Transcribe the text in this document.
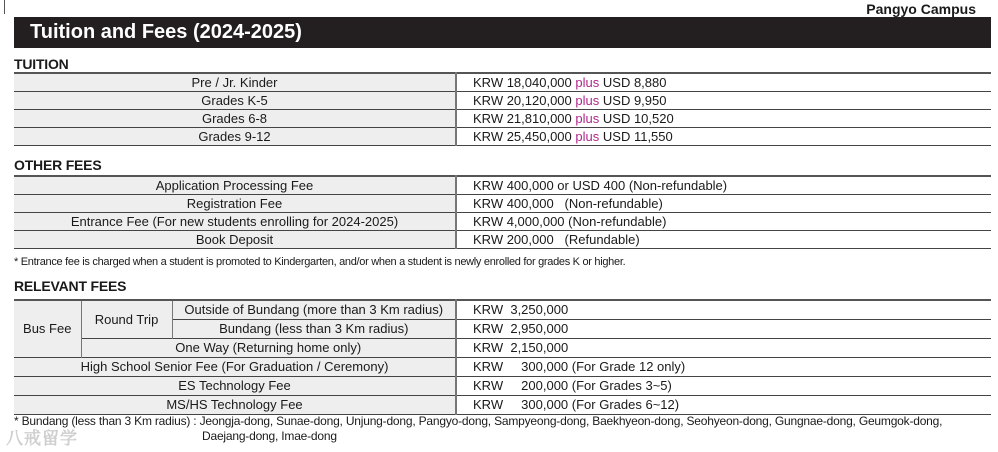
Pangyo Campus
Tuition and Fees (2024-2025)
TUITION
Pre / Jr. Kinder	KRW 18,040,000 plus USD 8,880
Grades K-5	KRW 20,120,000 plus USD 9,950
Grades 6-8	KRW 21,810,000 plus USD 10,520
Grades 9-12	KRW 25,450,000 plus USD 11,550
OTHER FEES
Application Processing Fee	KRW 400,000 or USD 400 (Non-refundable)
Registration Fee	KRW 400,000   (Non-refundable)
Entrance Fee (For new students enrolling for 2024-2025)	KRW 4,000,000 (Non-refundable)
Book Deposit	KRW 200,000   (Refundable)
* Entrance fee is charged when a student is promoted to Kindergarten, and/or when a student is newly enrolled for grades K or higher.
RELEVANT FEES
Bus Fee	Round Trip	Outside of Bundang (more than 3 Km radius)	KRW 3,250,000
		Bundang (less than 3 Km radius)	KRW 2,950,000
	One Way (Returning home only)		KRW 2,150,000
High School Senior Fee (For Graduation / Ceremony)			KRW 300,000 (For Grade 12 only)
ES Technology Fee			KRW 200,000 (For Grades 3~5)
MS/HS Technology Fee			KRW 300,000 (For Grades 6~12)
* Bundang (less than 3 Km radius) : Jeongja-dong, Sunae-dong, Unjung-dong, Pangyo-dong, Sampyeong-dong, Baekhyeon-dong, Seohyeon-dong, Gungnae-dong, Geumgok-dong,
Daejang-dong, Imae-dong
八戒留学
